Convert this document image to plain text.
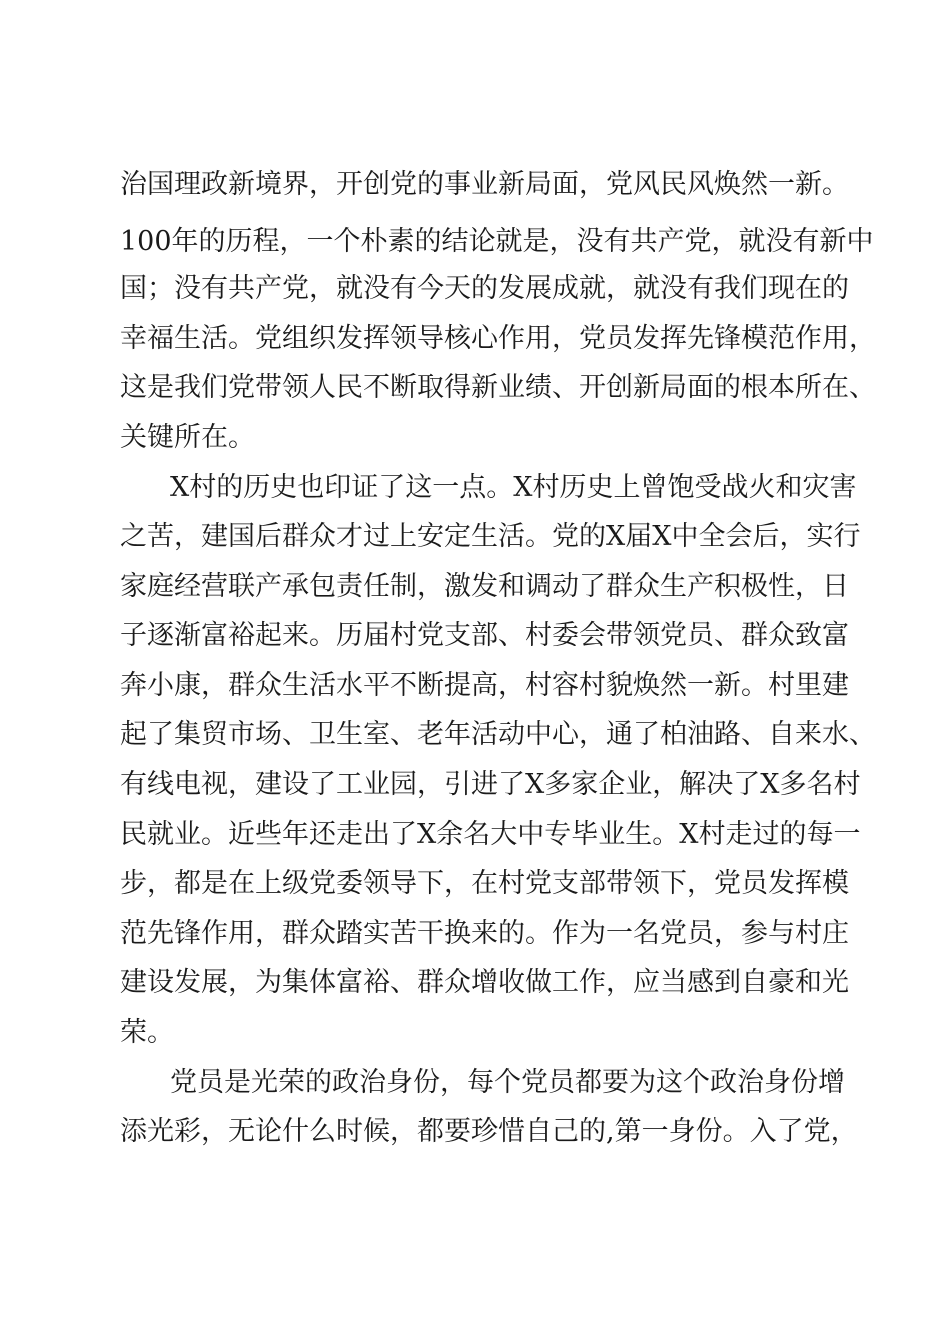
治国理政新境界，开创党的事业新局面，党风民风焕然一新。
100年的历程，一个朴素的结论就是，没有共产党，就没有新中
国；没有共产党，就没有今天的发展成就，就没有我们现在的
幸福生活。党组织发挥领导核心作用，党员发挥先锋模范作用，
这是我们党带领人民不断取得新业绩、开创新局面的根本所在、
关键所在。
X村的历史也印证了这一点。X村历史上曾饱受战火和灾害
之苦，建国后群众才过上安定生活。党的X届X中全会后，实行
家庭经营联产承包责任制，激发和调动了群众生产积极性，日
子逐渐富裕起来。历届村党支部、村委会带领党员、群众致富
奔小康，群众生活水平不断提高，村容村貌焕然一新。村里建
起了集贸市场、卫生室、老年活动中心，通了柏油路、自来水、
有线电视，建设了工业园，引进了X多家企业，解决了X多名村
民就业。近些年还走出了X余名大中专毕业生。X村走过的每一
步，都是在上级党委领导下，在村党支部带领下，党员发挥模
范先锋作用，群众踏实苦干换来的。作为一名党员，参与村庄
建设发展，为集体富裕、群众增收做工作，应当感到自豪和光
荣。
党员是光荣的政治身份，每个党员都要为这个政治身份增
添光彩，无论什么时候，都要珍惜自己的,第一身份。入了党，
